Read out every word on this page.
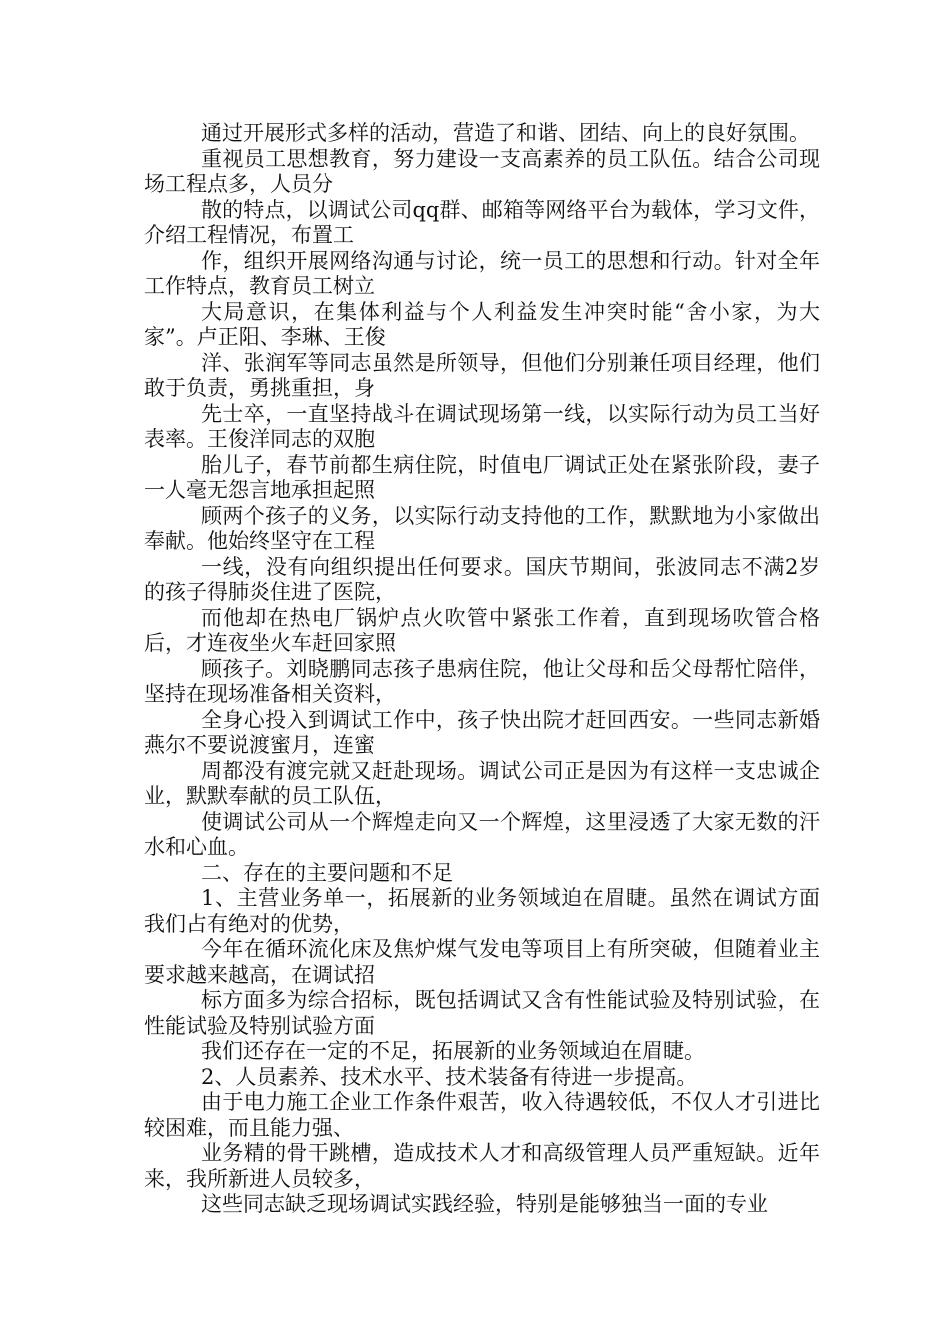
通过开展形式多样的活动，营造了和谐、团结、向上的良好氛围。

重视员工思想教育，努力建设一支高素养的员工队伍。结合公司现场工程点多，人员分

散的特点，以调试公司qq群、邮箱等网络平台为载体，学习文件，介绍工程情况，布置工

作，组织开展网络沟通与讨论，统一员工的思想和行动。针对全年工作特点，教育员工树立

大局意识，在集体利益与个人利益发生冲突时能“舍小家，为大家”。卢正阳、李琳、王俊

洋、张润军等同志虽然是所领导，但他们分别兼任项目经理，他们敢于负责，勇挑重担，身

先士卒，一直坚持战斗在调试现场第一线，以实际行动为员工当好表率。王俊洋同志的双胞

胎儿子，春节前都生病住院，时值电厂调试正处在紧张阶段，妻子一人毫无怨言地承担起照

顾两个孩子的义务，以实际行动支持他的工作，默默地为小家做出奉献。他始终坚守在工程

一线，没有向组织提出任何要求。国庆节期间，张波同志不满2岁的孩子得肺炎住进了医院，

而他却在热电厂锅炉点火吹管中紧张工作着，直到现场吹管合格后，才连夜坐火车赶回家照

顾孩子。刘晓鹏同志孩子患病住院，他让父母和岳父母帮忙陪伴，坚持在现场准备相关资料，

全身心投入到调试工作中，孩子快出院才赶回西安。一些同志新婚燕尔不要说渡蜜月，连蜜

周都没有渡完就又赶赴现场。调试公司正是因为有这样一支忠诚企业，默默奉献的员工队伍，

使调试公司从一个辉煌走向又一个辉煌，这里浸透了大家无数的汗水和心血。

二、存在的主要问题和不足

1、主营业务单一，拓展新的业务领域迫在眉睫。虽然在调试方面我们占有绝对的优势，

今年在循环流化床及焦炉煤气发电等项目上有所突破，但随着业主要求越来越高，在调试招

标方面多为综合招标，既包括调试又含有性能试验及特别试验，在性能试验及特别试验方面

我们还存在一定的不足，拓展新的业务领域迫在眉睫。

2、人员素养、技术水平、技术装备有待进一步提高。

由于电力施工企业工作条件艰苦，收入待遇较低，不仅人才引进比较困难，而且能力强、

业务精的骨干跳槽，造成技术人才和高级管理人员严重短缺。近年来，我所新进人员较多，

这些同志缺乏现场调试实践经验，特别是能够独当一面的专业
